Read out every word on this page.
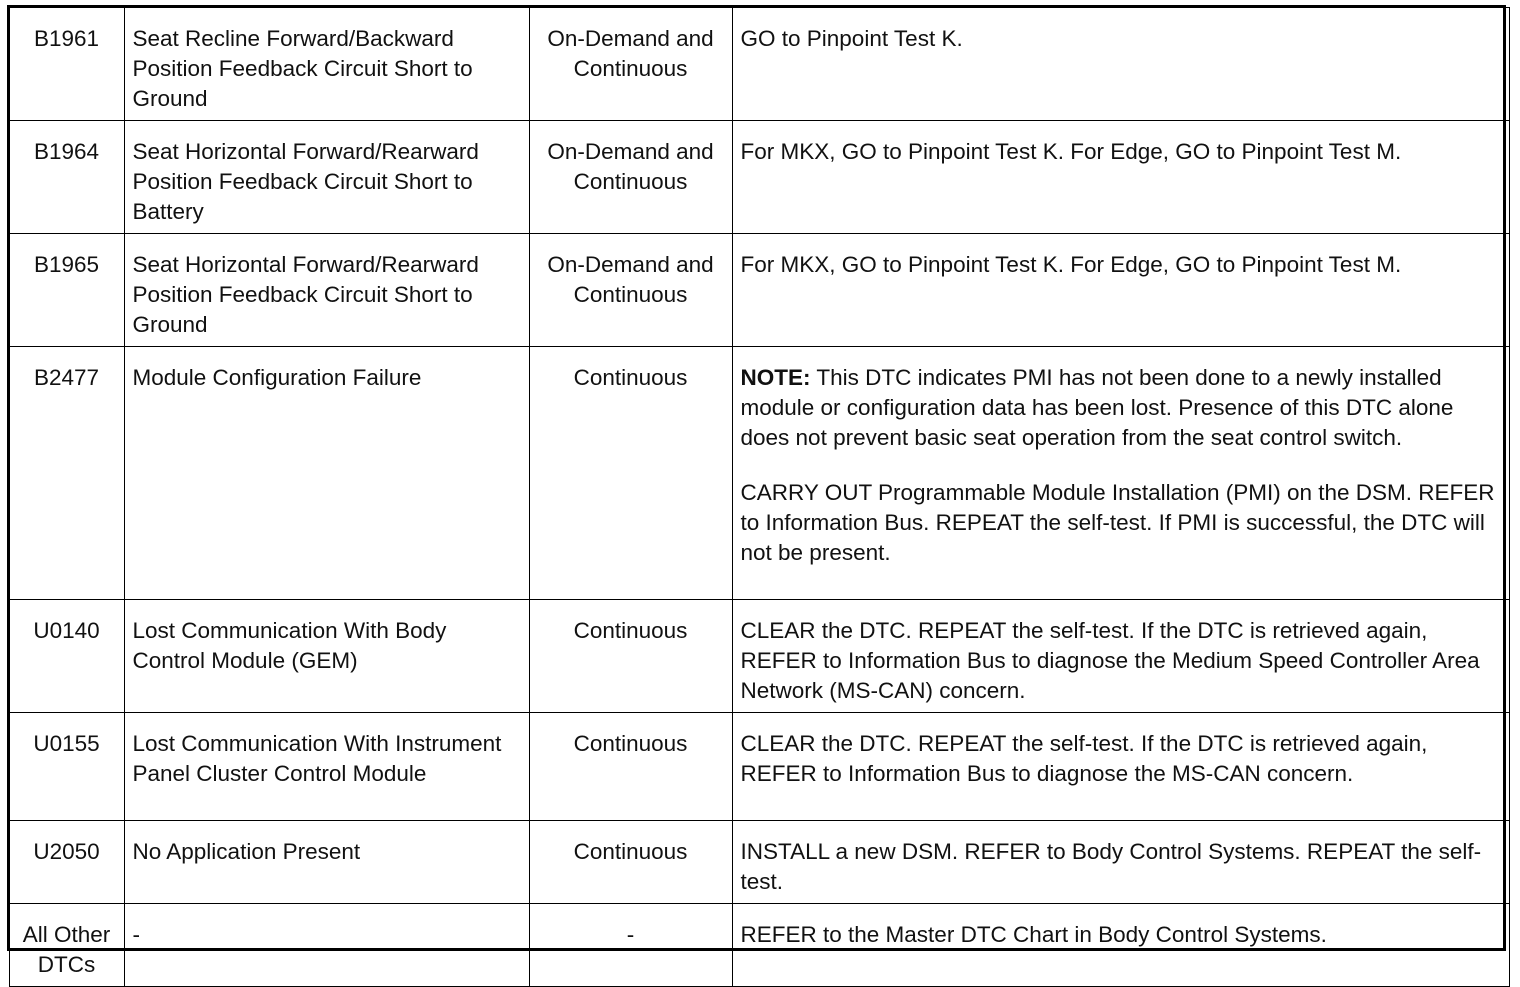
B1961	Seat Recline Forward/Backward Position Feedback Circuit Short to Ground	On-Demand and Continuous	GO to Pinpoint Test K.
B1964	Seat Horizontal Forward/Rearward Position Feedback Circuit Short to Battery	On-Demand and Continuous	For MKX, GO to Pinpoint Test K. For Edge, GO to Pinpoint Test M.
B1965	Seat Horizontal Forward/Rearward Position Feedback Circuit Short to Ground	On-Demand and Continuous	For MKX, GO to Pinpoint Test K. For Edge, GO to Pinpoint Test M.
B2477	Module Configuration Failure	Continuous	NOTE: This DTC indicates PMI has not been done to a newly installed module or configuration data has been lost. Presence of this DTC alone does not prevent basic seat operation from the seat control switch.
CARRY OUT Programmable Module Installation (PMI) on the DSM. REFER to Information Bus. REPEAT the self-test. If PMI is successful, the DTC will not be present.

U0140	Lost Communication With Body Control Module (GEM)	Continuous	CLEAR the DTC. REPEAT the self-test. If the DTC is retrieved again, REFER to Information Bus to diagnose the Medium Speed Controller Area Network (MS-CAN) concern.
U0155	Lost Communication With Instrument Panel Cluster Control Module	Continuous	CLEAR the DTC. REPEAT the self-test. If the DTC is retrieved again, REFER to Information Bus to diagnose the MS-CAN concern.
U2050	No Application Present	Continuous	INSTALL a new DSM. REFER to Body Control Systems. REPEAT the self-test.
All Other DTCs	-	-	REFER to the Master DTC Chart in Body Control Systems.
